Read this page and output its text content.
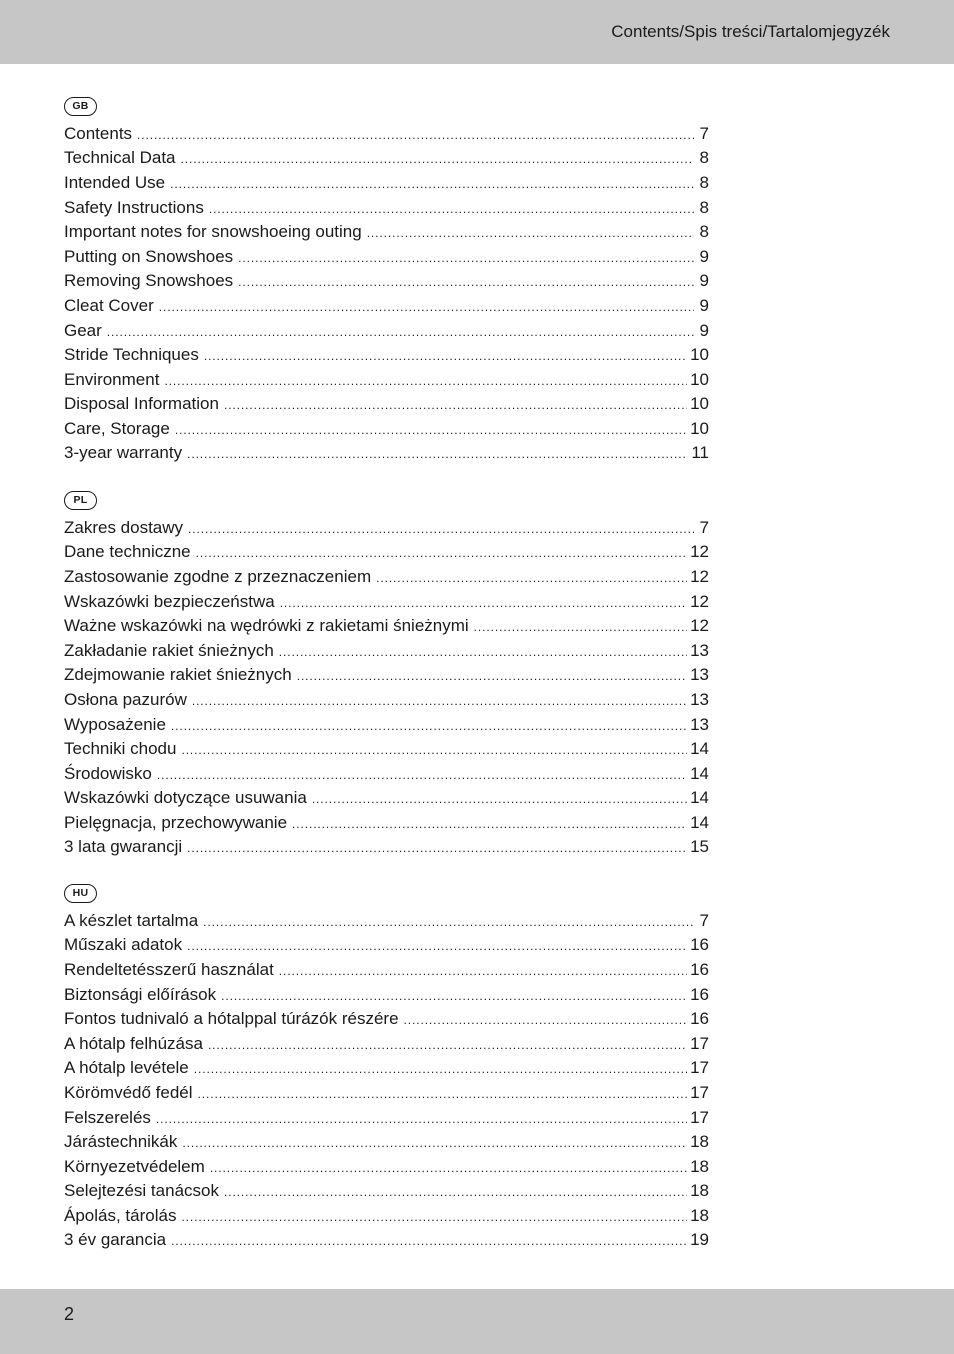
Contents/Spis treści/Tartalomjegyzék
GB
Contents .....	7
Technical Data .....	8
Intended Use .....	8
Safety Instructions .....	8
Important notes for snowshoeing outing .....	8
Putting on Snowshoes .....	9
Removing Snowshoes .....	9
Cleat Cover .....	9
Gear .....	9
Stride Techniques .....	10
Environment .....	10
Disposal Information .....	10
Care, Storage .....	10
3-year warranty .....	11
PL
Zakres dostawy .....	7
Dane techniczne .....	12
Zastosowanie zgodne z przeznaczeniem .....	12
Wskazówki bezpieczeństwa .....	12
Ważne wskazówki na wędrówki z rakietami śnieżnymi .....	12
Zakładanie rakiet śnieżnych .....	13
Zdejmowanie rakiet śnieżnych .....	13
Osłona pazurów .....	13
Wyposażenie .....	13
Techniki chodu .....	14
Środowisko .....	14
Wskazówki dotyczące usuwania .....	14
Pielęgnacja, przechowywanie .....	14
3 lata gwarancji .....	15
HU
A készlet tartalma .....	7
Műszaki adatok .....	16
Rendeltetésszerű használat .....	16
Biztonsági előírások .....	16
Fontos tudnivaló a hótalppal túrázók részére .....	16
A hótalp felhúzása .....	17
A hótalp levétele .....	17
Körömvédő fedél .....	17
Felszerelés .....	17
Járástechnikák .....	18
Környezetvédelem .....	18
Selejtezési tanácsok .....	18
Ápolás, tárolás .....	18
3 év garancia .....	19
2
